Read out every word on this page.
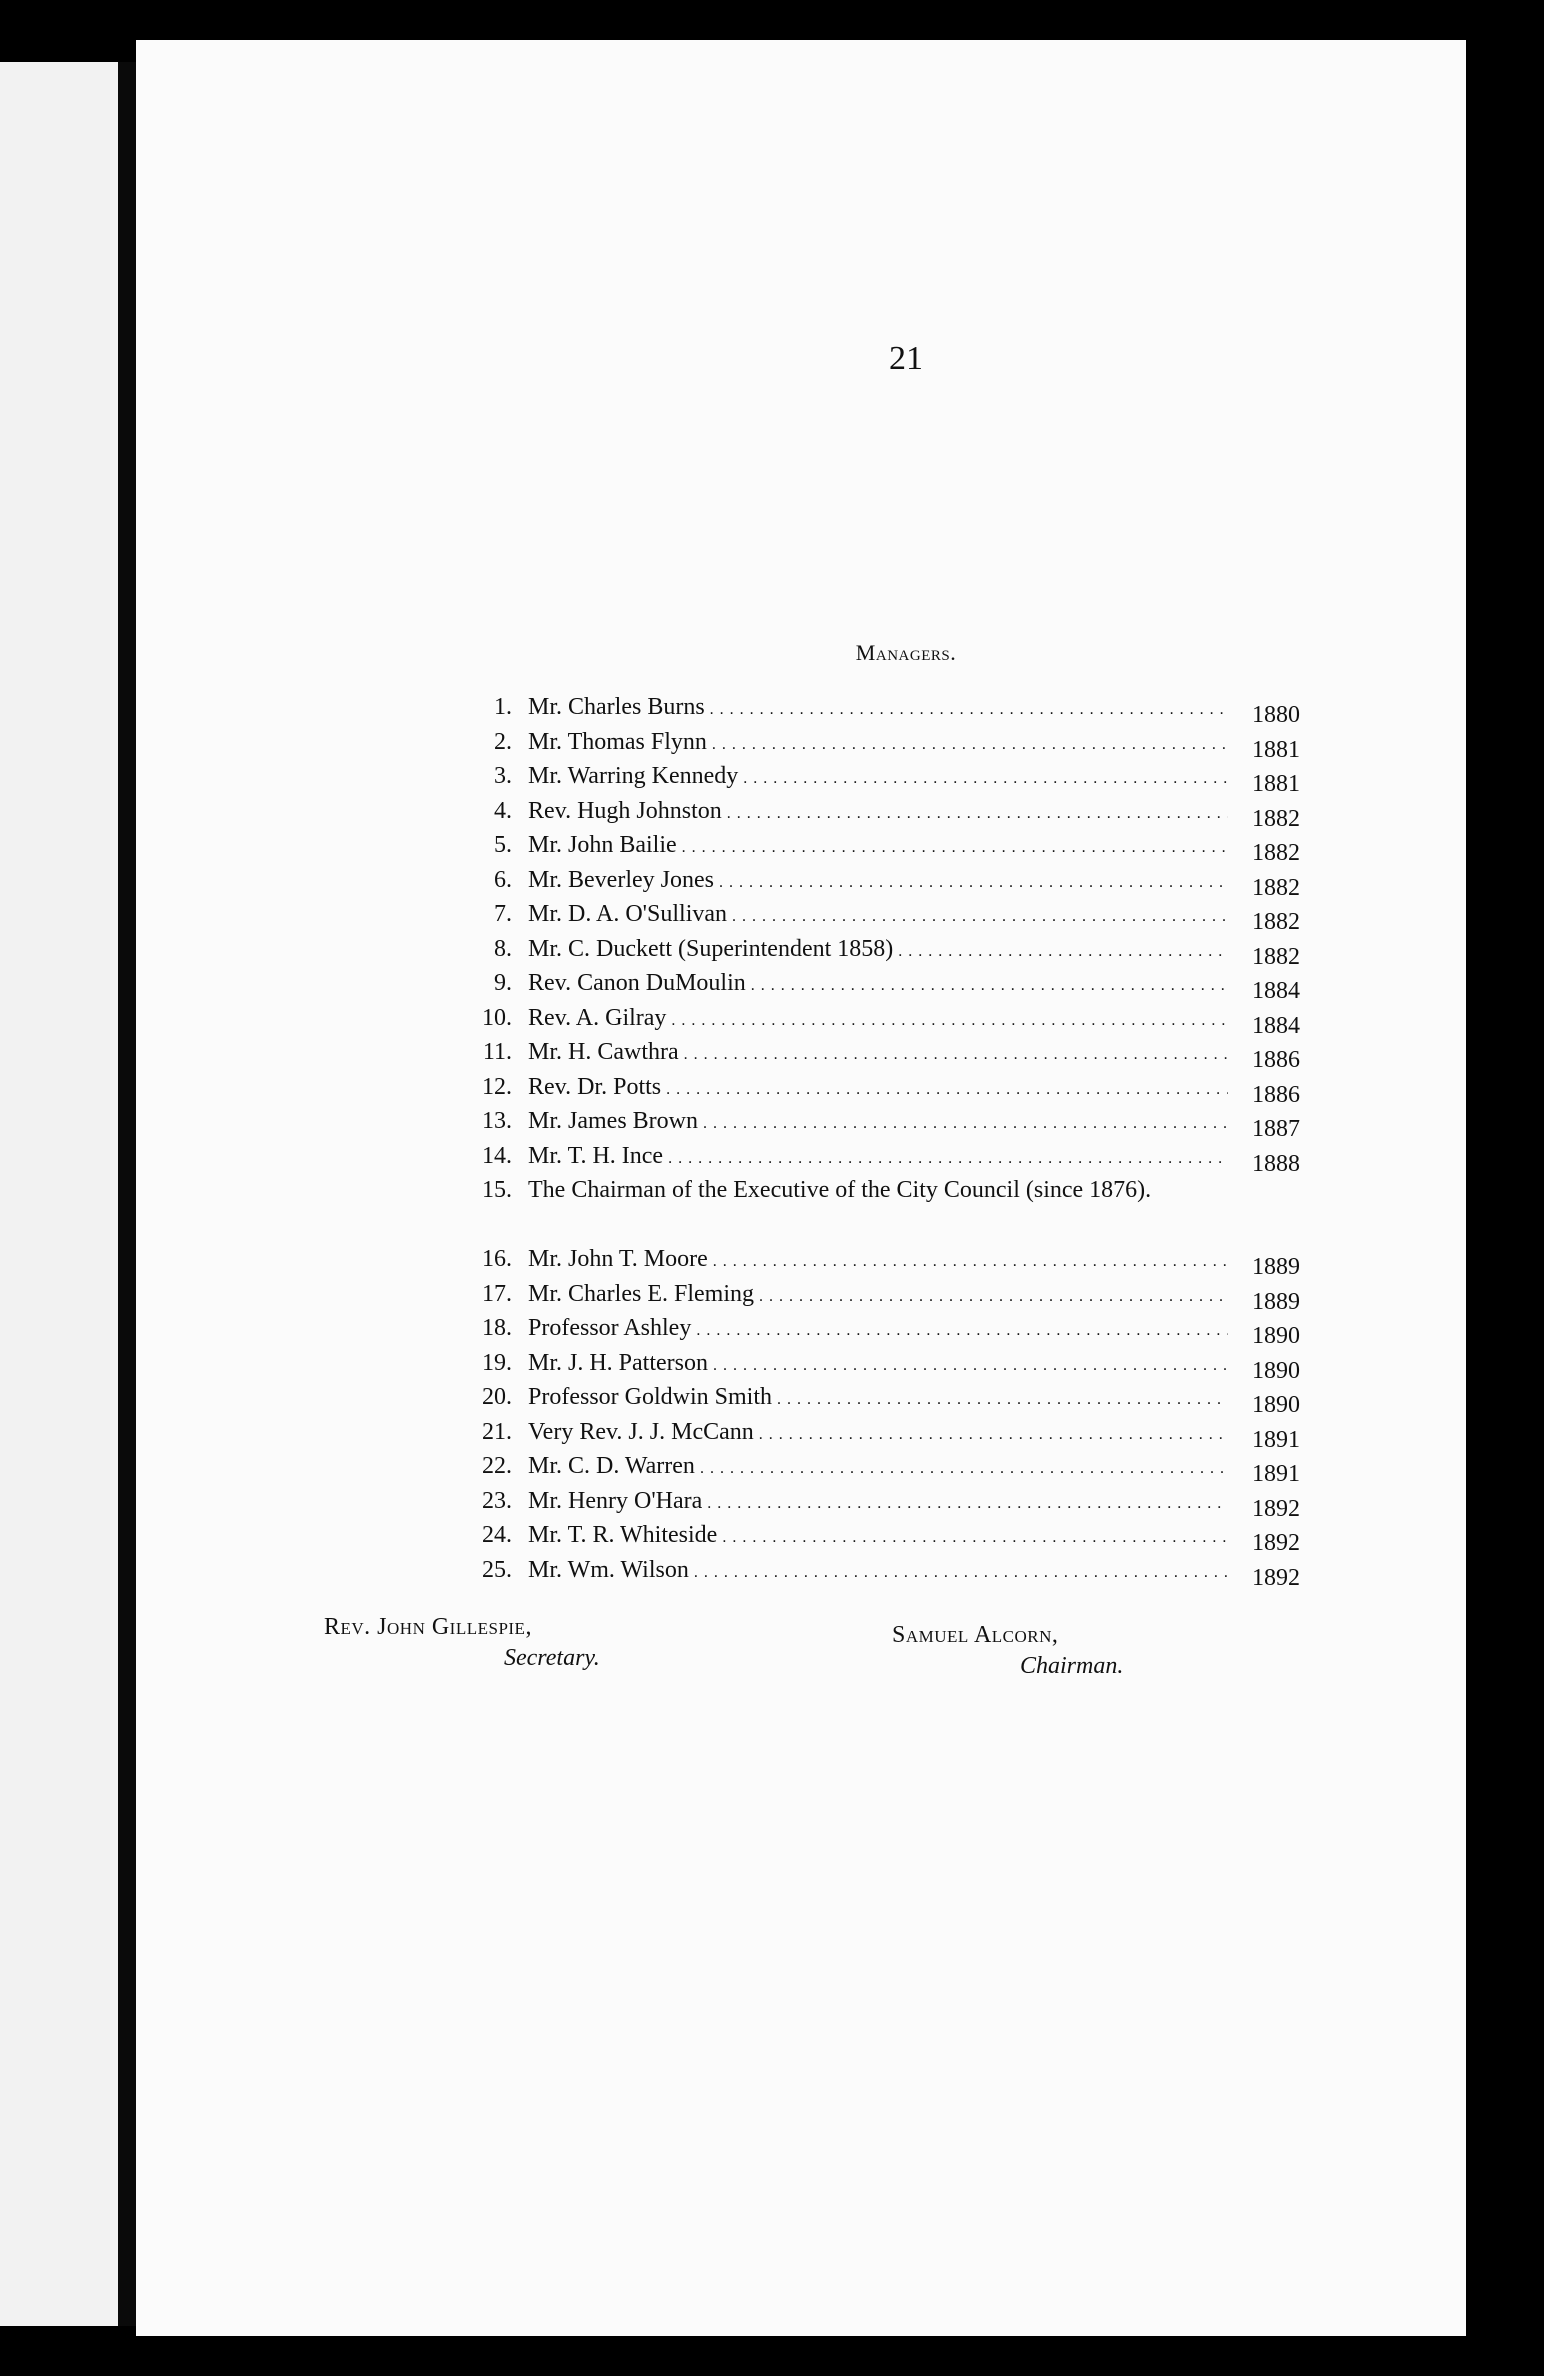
21
Managers.
1. Mr. Charles Burns . . .	1880
2. Mr. Thomas Flynn . . .	1881
3. Mr. Warring Kennedy . . .	1881
4. Rev. Hugh Johnston . . .	1882
5. Mr. John Bailie . . .	1882
6. Mr. Beverley Jones . . .	1882
7. Mr. D. A. O'Sullivan . . .	1882
8. Mr. C. Duckett (Superintendent 1858) . . .	1882
9. Rev. Canon DuMoulin . . .	1884
10. Rev. A. Gilray . . .	1884
11. Mr. H. Cawthra . . .	1886
12. Rev. Dr. Potts . . .	1886
13. Mr. James Brown . . .	1887
14. Mr. T. H. Ince . . .	1888
15. The Chairman of the Executive of the City Council (since 1876).
16. Mr. John T. Moore . . .	1889
17. Mr. Charles E. Fleming . . .	1889
18. Professor Ashley . . .	1890
19. Mr. J. H. Patterson . . .	1890
20. Professor Goldwin Smith . . .	1890
21. Very Rev. J. J. McCann . . .	1891
22. Mr. C. D. Warren . . .	1891
23. Mr. Henry O'Hara . . .	1892
24. Mr. T. R. Whiteside . . .	1892
25. Mr. Wm. Wilson . . .	1892
Rev. John Gillespie,
Secretary.
Samuel Alcorn,
Chairman.
